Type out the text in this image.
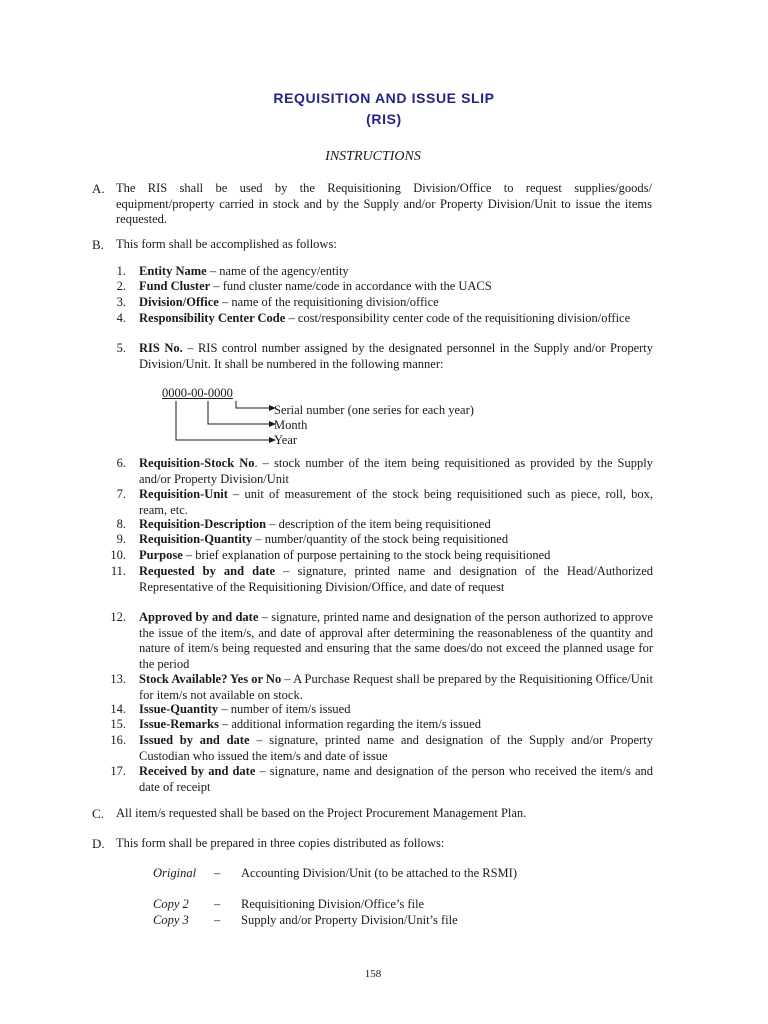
REQUISITION AND ISSUE SLIP
(RIS)
INSTRUCTIONS
A. The RIS shall be used by the Requisitioning Division/Office to request supplies/goods/ equipment/property carried in stock and by the Supply and/or Property Division/Unit to issue the items requested.
B. This form shall be accomplished as follows:
1. Entity Name – name of the agency/entity
2. Fund Cluster – fund cluster name/code in accordance with the UACS
3. Division/Office – name of the requisitioning division/office
4. Responsibility Center Code – cost/responsibility center code of the requisitioning division/office
5. RIS No. – RIS control number assigned by the designated personnel in the Supply and/or Property Division/Unit. It shall be numbered in the following manner:
0000-00-0000
Serial number (one series for each year)
Month
Year
6. Requisition-Stock No. – stock number of the item being requisitioned as provided by the Supply and/or Property Division/Unit
7. Requisition-Unit – unit of measurement of the stock being requisitioned such as piece, roll, box, ream, etc.
8. Requisition-Description – description of the item being requisitioned
9. Requisition-Quantity – number/quantity of the stock being requisitioned
10. Purpose – brief explanation of purpose pertaining to the stock being requisitioned
11. Requested by and date – signature, printed name and designation of the Head/Authorized Representative of the Requisitioning Division/Office, and date of request
12. Approved by and date – signature, printed name and designation of the person authorized to approve the issue of the item/s, and date of approval after determining the reasonableness of the quantity and nature of item/s being requested and ensuring that the same does/do not exceed the planned usage for the period
13. Stock Available? Yes or No – A Purchase Request shall be prepared by the Requisitioning Office/Unit for item/s not available on stock.
14. Issue-Quantity – number of item/s issued
15. Issue-Remarks – additional information regarding the item/s issued
16. Issued by and date – signature, printed name and designation of the Supply and/or Property Custodian who issued the item/s and date of issue
17. Received by and date – signature, name and designation of the person who received the item/s and date of receipt
C. All item/s requested shall be based on the Project Procurement Management Plan.
D. This form shall be prepared in three copies distributed as follows:
Original	– Accounting Division/Unit (to be attached to the RSMI)
Copy 2	– Requisitioning Division/Office’s file
Copy 3	– Supply and/or Property Division/Unit’s file
158
